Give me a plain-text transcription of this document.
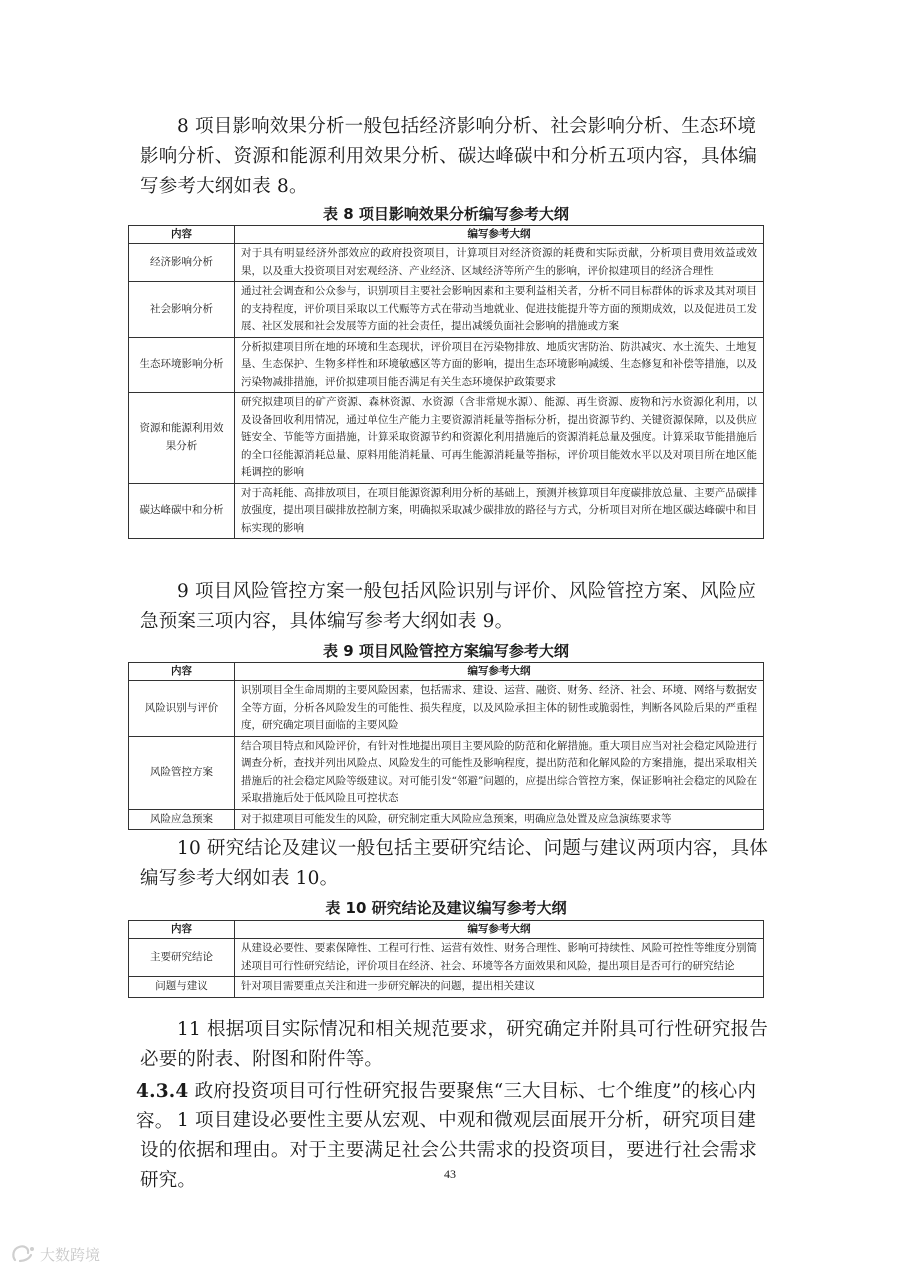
8 项目影响效果分析一般包括经济影响分析、社会影响分析、生态环境影响分析、资源和能源利用效果分析、碳达峰碳中和分析五项内容，具体编写参考大纲如表 8。

表 8 项目影响效果分析编写参考大纲

内容	编写参考大纲
经济影响分析	对于具有明显经济外部效应的政府投资项目，计算项目对经济资源的耗费和实际贡献，分析项目费用效益或效果，以及重大投资项目对宏观经济、产业经济、区域经济等所产生的影响，评价拟建项目的经济合理性
社会影响分析	通过社会调查和公众参与，识别项目主要社会影响因素和主要利益相关者，分析不同目标群体的诉求及其对项目的支持程度，评价项目采取以工代赈等方式在带动当地就业、促进技能提升等方面的预期成效，以及促进员工发展、社区发展和社会发展等方面的社会责任，提出减缓负面社会影响的措施或方案
生态环境影响分析	分析拟建项目所在地的环境和生态现状，评价项目在污染物排放、地质灾害防治、防洪减灾、水土流失、土地复垦、生态保护、生物多样性和环境敏感区等方面的影响，提出生态环境影响减缓、生态修复和补偿等措施，以及污染物减排措施，评价拟建项目能否满足有关生态环境保护政策要求
资源和能源利用效果分析	研究拟建项目的矿产资源、森林资源、水资源（含非常规水源）、能源、再生资源、废物和污水资源化利用，以及设备回收利用情况，通过单位生产能力主要资源消耗量等指标分析，提出资源节约、关键资源保障，以及供应链安全、节能等方面措施，计算采取资源节约和资源化利用措施后的资源消耗总量及强度。计算采取节能措施后的全口径能源消耗总量、原料用能消耗量、可再生能源消耗量等指标，评价项目能效水平以及对项目所在地区能耗调控的影响
碳达峰碳中和分析	对于高耗能、高排放项目，在项目能源资源利用分析的基础上，预测并核算项目年度碳排放总量、主要产品碳排放强度，提出项目碳排放控制方案，明确拟采取减少碳排放的路径与方式，分析项目对所在地区碳达峰碳中和目标实现的影响

9 项目风险管控方案一般包括风险识别与评价、风险管控方案、风险应急预案三项内容，具体编写参考大纲如表 9。

表 9 项目风险管控方案编写参考大纲

内容	编写参考大纲
风险识别与评价	识别项目全生命周期的主要风险因素，包括需求、建设、运营、融资、财务、经济、社会、环境、网络与数据安全等方面，分析各风险发生的可能性、损失程度，以及风险承担主体的韧性或脆弱性，判断各风险后果的严重程度，研究确定项目面临的主要风险
风险管控方案	结合项目特点和风险评价，有针对性地提出项目主要风险的防范和化解措施。重大项目应当对社会稳定风险进行调查分析，查找并列出风险点、风险发生的可能性及影响程度，提出防范和化解风险的方案措施，提出采取相关措施后的社会稳定风险等级建议。对可能引发“邻避”问题的，应提出综合管控方案，保证影响社会稳定的风险在采取措施后处于低风险且可控状态
风险应急预案	对于拟建项目可能发生的风险，研究制定重大风险应急预案，明确应急处置及应急演练要求等

10 研究结论及建议一般包括主要研究结论、问题与建议两项内容，具体编写参考大纲如表 10。

表 10 研究结论及建议编写参考大纲

内容	编写参考大纲
主要研究结论	从建设必要性、要素保障性、工程可行性、运营有效性、财务合理性、影响可持续性、风险可控性等维度分别简述项目可行性研究结论，评价项目在经济、社会、环境等各方面效果和风险，提出项目是否可行的研究结论
问题与建议	针对项目需要重点关注和进一步研究解决的问题，提出相关建议

11 根据项目实际情况和相关规范要求，研究确定并附具可行性研究报告必要的附表、附图和附件等。

4.3.4 政府投资项目可行性研究报告要聚焦“三大目标、七个维度”的核心内容。 1 项目建设必要性主要从宏观、中观和微观层面展开分析，研究项目建设的依据和理由。对于主要满足社会公共需求的投资项目，要进行社会需求研究。	43
大数跨境
